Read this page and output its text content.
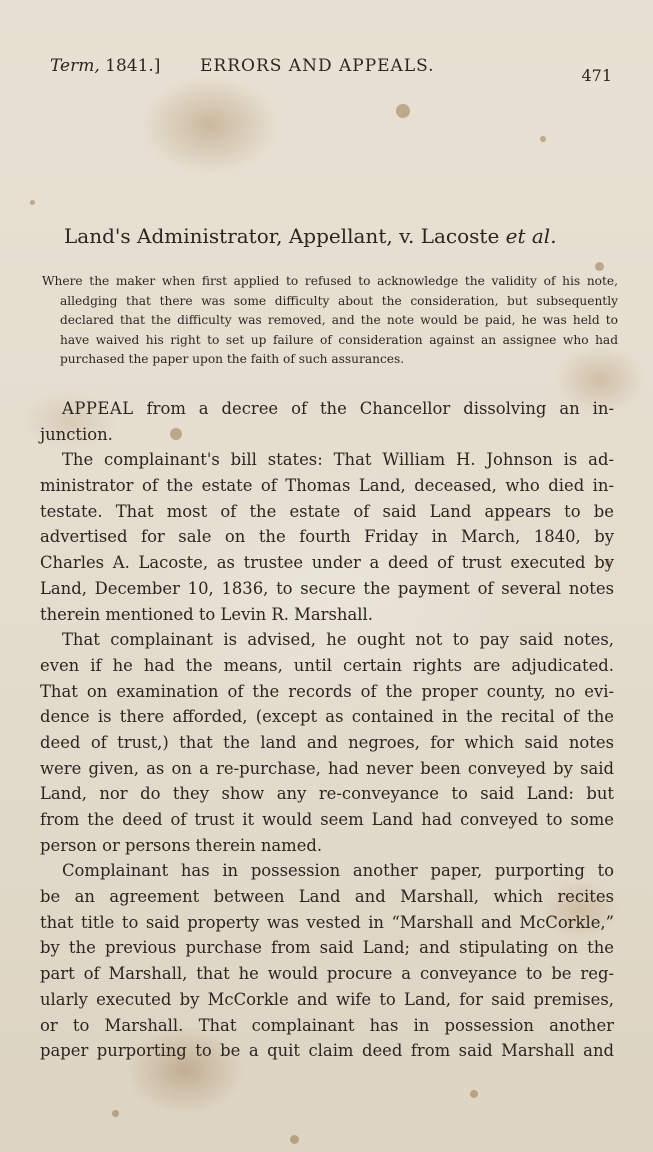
Term, 1841.] ERRORS AND APPEALS.	471
Land's Administrator, Appellant, v. Lacoste et al.
Where the maker when first applied to refused to acknowledge the validity of his note,
alledging that there was some difficulty about the consideration, but subsequently
declared that the difficulty was removed, and the note would be paid, he was held to
have waived his right to set up failure of consideration against an assignee who had
purchased the paper upon the faith of such assurances.
APPEAL from a decree of the Chancellor dissolving an in-
junction.
The complainant's bill states: That William H. Johnson is ad-
ministrator of the estate of Thomas Land, deceased, who died in-
testate. That most of the estate of said Land appears to be
advertised for sale on the fourth Friday in March, 1840, by
Charles A. Lacoste, as trustee under a deed of trust executed by
Land, December 10, 1836, to secure the payment of several notes
therein mentioned to Levin R. Marshall.
That complainant is advised, he ought not to pay said notes,
even if he had the means, until certain rights are adjudicated.
That on examination of the records of the proper county, no evi-
dence is there afforded, (except as contained in the recital of the
deed of trust,) that the land and negroes, for which said notes
were given, as on a re-purchase, had never been conveyed by said
Land, nor do they show any re-conveyance to said Land: but
from the deed of trust it would seem Land had conveyed to some
person or persons therein named.
Complainant has in possession another paper, purporting to
be an agreement between Land and Marshall, which recites
that title to said property was vested in “Marshall and McCorkle,”
by the previous purchase from said Land; and stipulating on the
part of Marshall, that he would procure a conveyance to be reg-
ularly executed by McCorkle and wife to Land, for said premises,
or to Marshall. That complainant has in possession another
paper purporting to be a quit claim deed from said Marshall and
